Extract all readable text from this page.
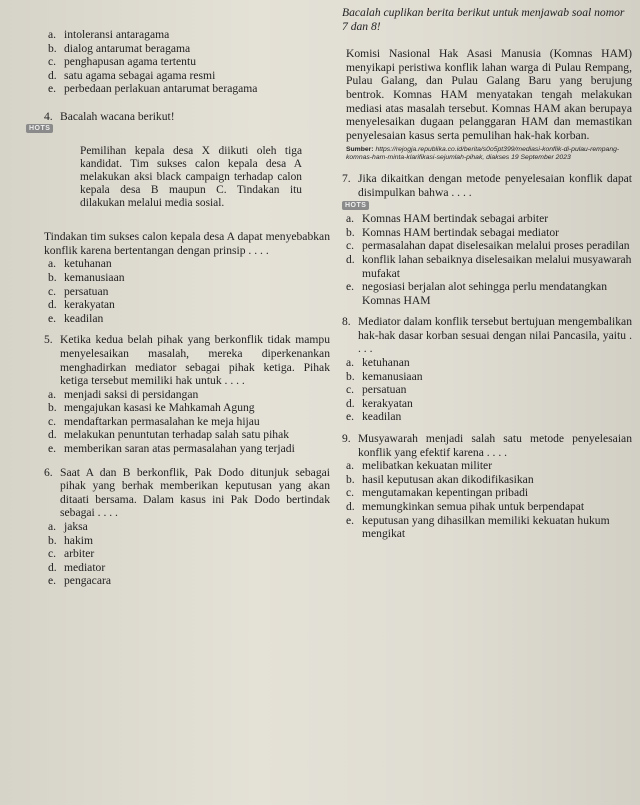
a. intoleransi antaragama
b. dialog antarumat beragama
c. penghapusan agama tertentu
d. satu agama sebagai agama resmi
e. perbedaan perlakuan antarumat beragama
4. Bacalah wacana berikut!
HOTS
Pemilihan kepala desa X diikuti oleh tiga kandidat. Tim sukses calon kepala desa A melakukan aksi black campaign terhadap calon kepala desa B maupun C. Tindakan itu dilakukan melalui media sosial.
Tindakan tim sukses calon kepala desa A dapat menyebabkan konflik karena bertentangan dengan prinsip . . . .
a. ketuhanan
b. kemanusiaan
c. persatuan
d. kerakyatan
e. keadilan
5. Ketika kedua belah pihak yang berkonflik tidak mampu menyelesaikan masalah, mereka diperkenankan menghadirkan mediator sebagai pihak ketiga. Pihak ketiga tersebut memiliki hak untuk . . . .
a. menjadi saksi di persidangan
b. mengajukan kasasi ke Mahkamah Agung
c. mendaftarkan permasalahan ke meja hijau
d. melakukan penuntutan terhadap salah satu pihak
e. memberikan saran atas permasalahan yang terjadi
6. Saat A dan B berkonflik, Pak Dodo ditunjuk sebagai pihak yang berhak memberikan keputusan yang akan ditaati bersama. Dalam kasus ini Pak Dodo bertindak sebagai . . . .
a. jaksa
b. hakim
c. arbiter
d. mediator
e. pengacara
Bacalah cuplikan berita berikut untuk menjawab soal nomor 7 dan 8!
Komisi Nasional Hak Asasi Manusia (Komnas HAM) menyikapi peristiwa konflik lahan warga di Pulau Rempang, Pulau Galang, dan Pulau Galang Baru yang berujung bentrok. Komnas HAM menyatakan tengah melakukan mediasi atas masalah tersebut. Komnas HAM akan berupaya menyelesaikan dugaan pelanggaran HAM dan memastikan penyelesaian kasus serta pemulihan hak-hak korban.
Sumber: https://rejogja.republika.co.id/berita/s0o5pt399/mediasi-konflik-di-pulau-rempang-komnas-ham-minta-klarifikasi-sejumlah-pihak, diakses 19 September 2023
7. Jika dikaitkan dengan metode penyelesaian konflik dapat disimpulkan bahwa . . . .
HOTS
a. Komnas HAM bertindak sebagai arbiter
b. Komnas HAM bertindak sebagai mediator
c. permasalahan dapat diselesaikan melalui proses peradilan
d. konflik lahan sebaiknya diselesaikan melalui musyawarah mufakat
e. negosiasi berjalan alot sehingga perlu mendatangkan Komnas HAM
8. Mediator dalam konflik tersebut bertujuan mengembalikan hak-hak dasar korban sesuai dengan nilai Pancasila, yaitu . . . .
a. ketuhanan
b. kemanusiaan
c. persatuan
d. kerakyatan
e. keadilan
9. Musyawarah menjadi salah satu metode penyelesaian konflik yang efektif karena . . . .
a. melibatkan kekuatan militer
b. hasil keputusan akan dikodifikasikan
c. mengutamakan kepentingan pribadi
d. memungkinkan semua pihak untuk berpendapat
e. keputusan yang dihasilkan memiliki kekuatan hukum mengikat
